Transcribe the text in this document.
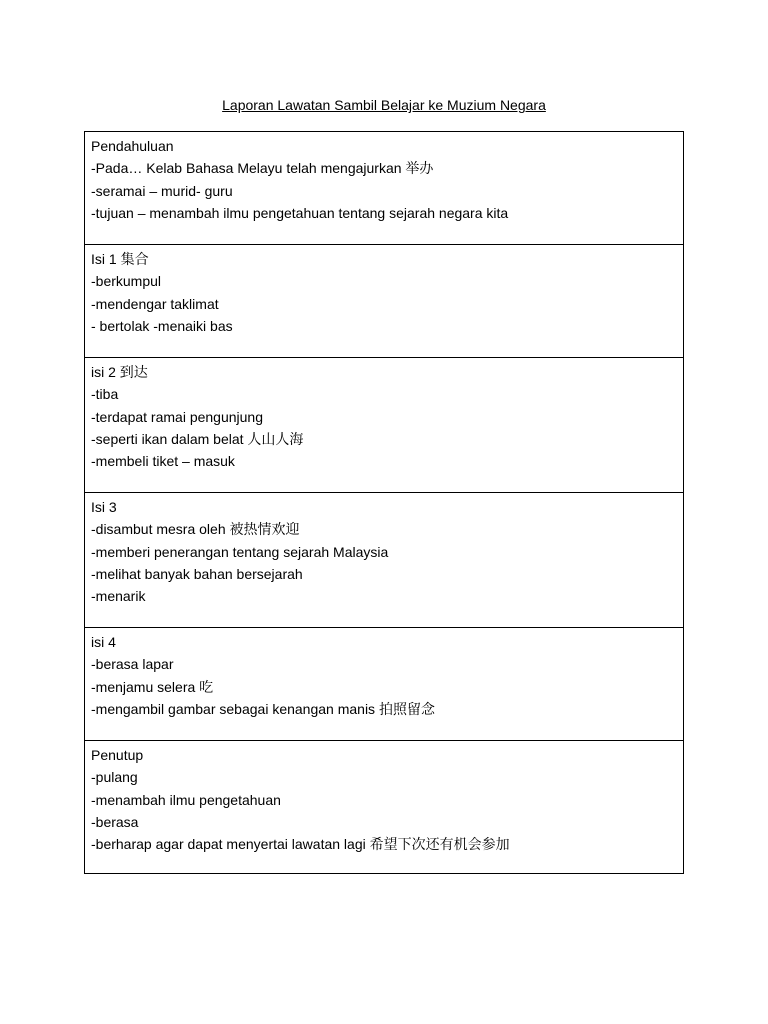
Laporan Lawatan Sambil Belajar ke Muzium Negara
Pendahuluan
-Pada… Kelab Bahasa Melayu telah mengajurkan 举办
-seramai – murid- guru
-tujuan – menambah ilmu pengetahuan tentang sejarah negara kita

Isi 1 集合
-berkumpul
-mendengar taklimat
- bertolak -menaiki bas

isi 2 到达
-tiba
-terdapat ramai pengunjung
-seperti ikan dalam belat 人山人海
-membeli tiket – masuk

Isi 3
-disambut mesra oleh 被热情欢迎
-memberi penerangan tentang sejarah Malaysia
-melihat banyak bahan bersejarah
-menarik

isi 4
-berasa lapar
-menjamu selera 吃
-mengambil gambar sebagai kenangan manis 拍照留念

Penutup
-pulang
-menambah ilmu pengetahuan
-berasa
-berharap agar dapat menyertai lawatan lagi 希望下次还有机会参加
